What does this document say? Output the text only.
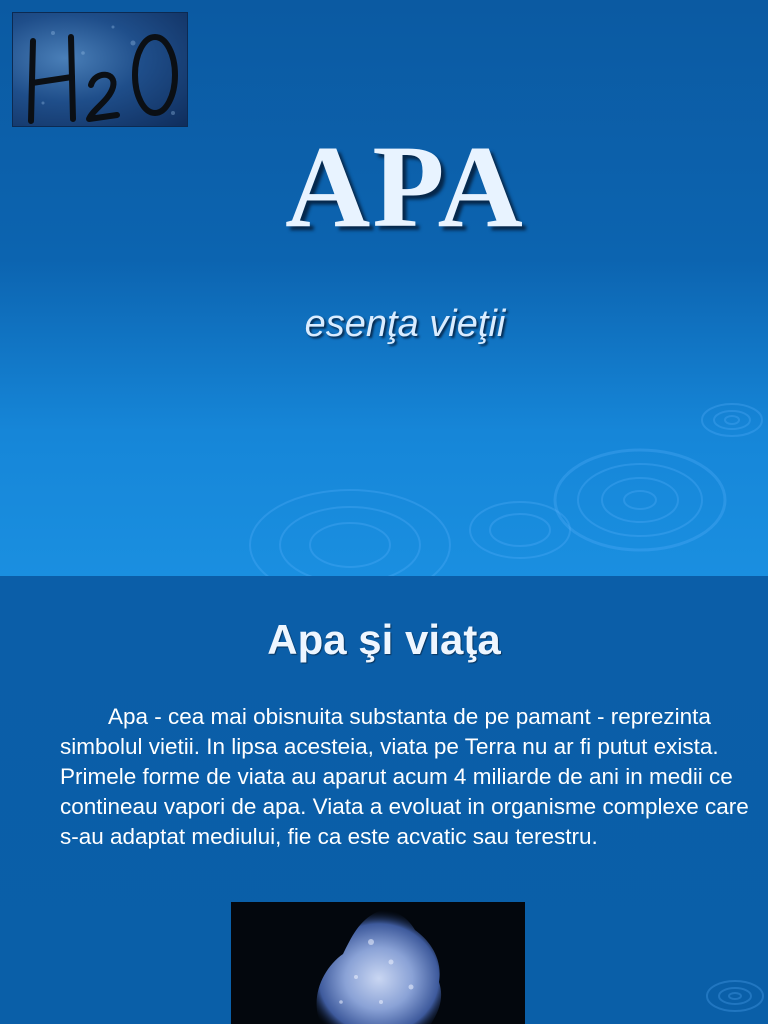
APA

esenţa vieţii

Apa şi viaţa

Apa - cea mai obisnuita substanta de pe pamant - reprezinta simbolul vietii. In lipsa acesteia, viata pe Terra nu ar fi putut exista. Primele forme de viata au aparut acum 4 miliarde de ani in medii ce contineau vapori de apa. Viata a evoluat in organisme complexe care s-au adaptat mediului, fie ca este acvatic sau terestru.
